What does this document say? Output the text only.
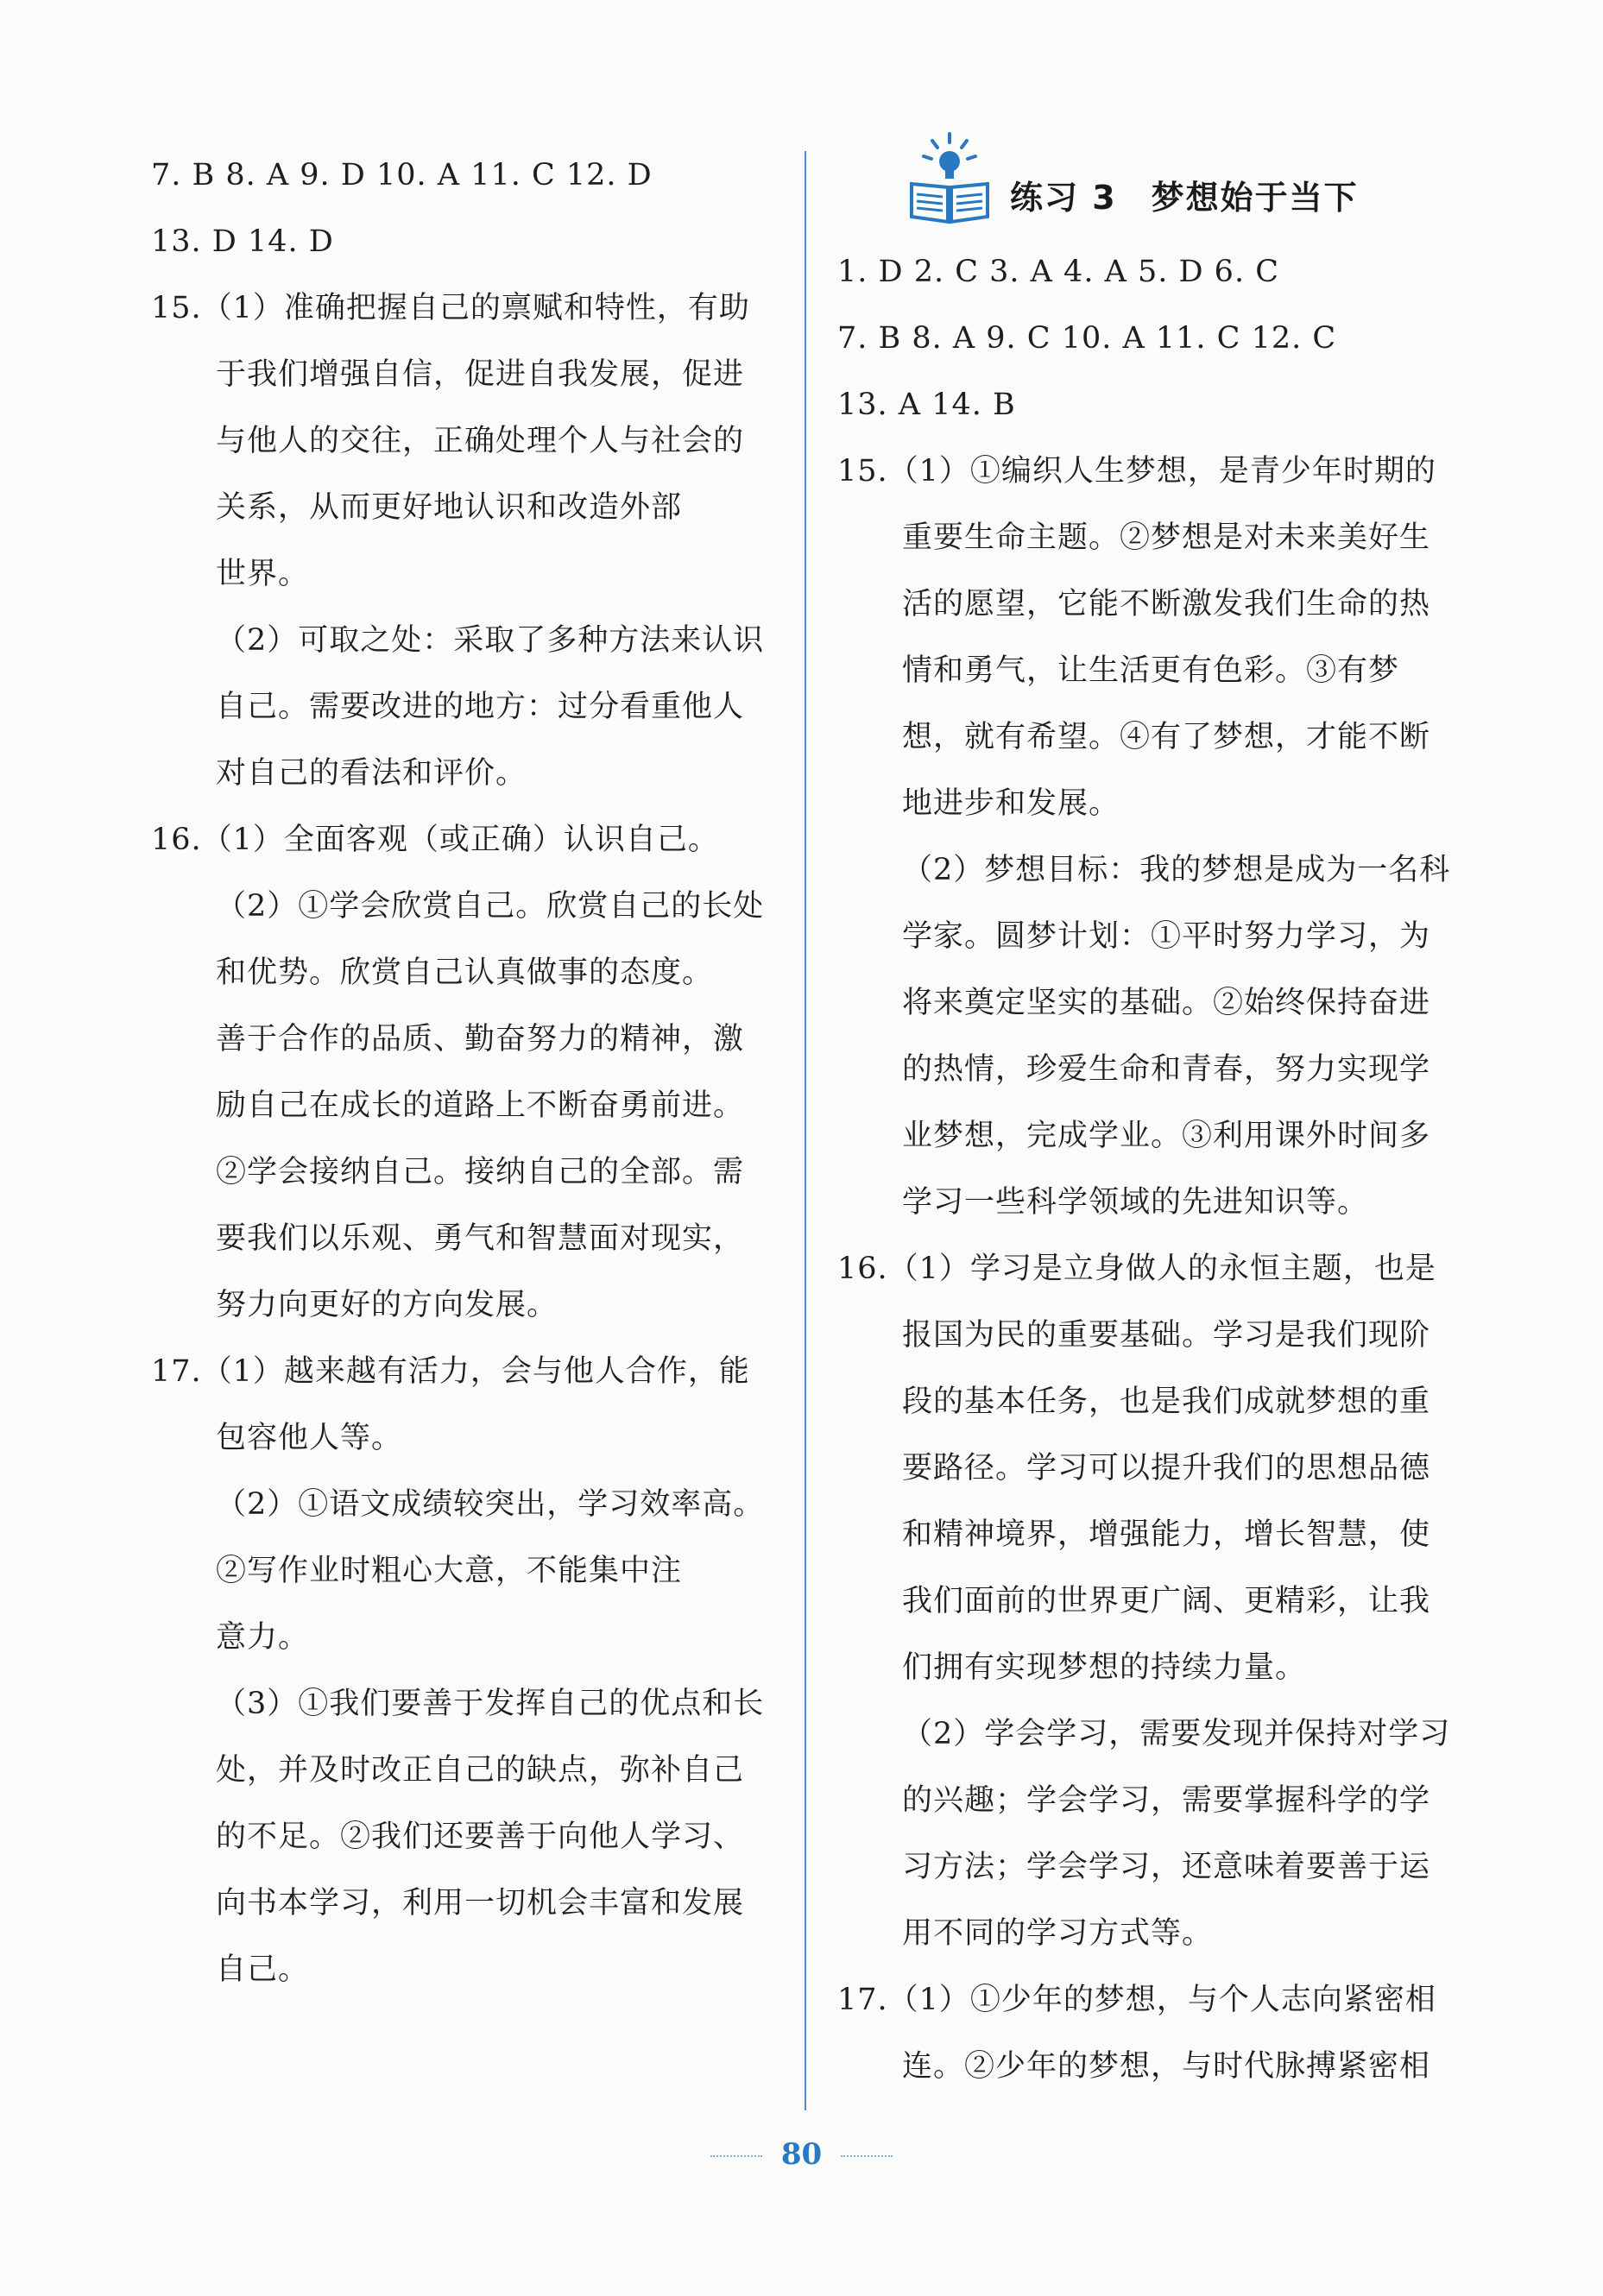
7. B 8. A 9. D 10. A 11. C 12. D
13. D 14. D
15.（1）准确把握自己的禀赋和特性，有助
于我们增强自信，促进自我发展，促进
与他人的交往，正确处理个人与社会的
关系，从而更好地认识和改造外部
世界。
（2）可取之处：采取了多种方法来认识
自己。需要改进的地方：过分看重他人
对自己的看法和评价。
16.（1）全面客观（或正确）认识自己。
（2）①学会欣赏自己。欣赏自己的长处
和优势。欣赏自己认真做事的态度。
善于合作的品质、勤奋努力的精神，激
励自己在成长的道路上不断奋勇前进。
②学会接纳自己。接纳自己的全部。需
要我们以乐观、勇气和智慧面对现实，
努力向更好的方向发展。
17.（1）越来越有活力，会与他人合作，能
包容他人等。
（2）①语文成绩较突出，学习效率高。
②写作业时粗心大意，不能集中注
意力。
（3）①我们要善于发挥自己的优点和长
处，并及时改正自己的缺点，弥补自己
的不足。②我们还要善于向他人学习、
向书本学习，利用一切机会丰富和发展
自己。
练习 3 梦想始于当下
1. D 2. C 3. A 4. A 5. D 6. C
7. B 8. A 9. C 10. A 11. C 12. C
13. A 14. B
15.（1）①编织人生梦想，是青少年时期的
重要生命主题。②梦想是对未来美好生
活的愿望，它能不断激发我们生命的热
情和勇气，让生活更有色彩。③有梦
想，就有希望。④有了梦想，才能不断
地进步和发展。
（2）梦想目标：我的梦想是成为一名科
学家。圆梦计划：①平时努力学习，为
将来奠定坚实的基础。②始终保持奋进
的热情，珍爱生命和青春，努力实现学
业梦想，完成学业。③利用课外时间多
学习一些科学领域的先进知识等。
16.（1）学习是立身做人的永恒主题，也是
报国为民的重要基础。学习是我们现阶
段的基本任务，也是我们成就梦想的重
要路径。学习可以提升我们的思想品德
和精神境界，增强能力，增长智慧，使
我们面前的世界更广阔、更精彩，让我
们拥有实现梦想的持续力量。
（2）学会学习，需要发现并保持对学习
的兴趣；学会学习，需要掌握科学的学
习方法；学会学习，还意味着要善于运
用不同的学习方式等。
17.（1）①少年的梦想，与个人志向紧密相
连。②少年的梦想，与时代脉搏紧密相
80
